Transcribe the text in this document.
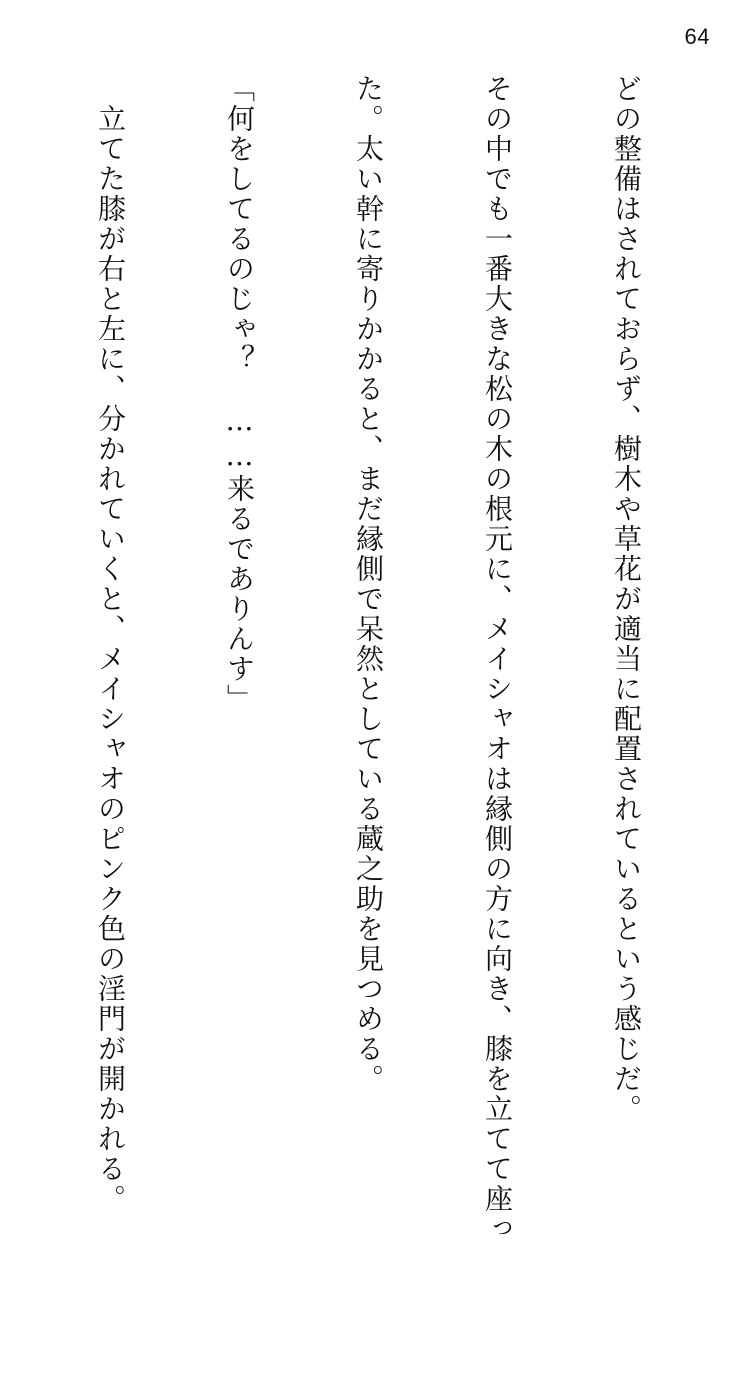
64

どの整備はされておらず、樹木や草花が適当に配置されているという感じだ。

その中でも一番大きな松の木の根元に、メイシャオは縁側の方に向き、膝を立てて座っ

た。太い幹に寄りかかると、まだ縁側で呆然としている蔵之助を見つめる。

「何をしてるのじゃ？　……来るでありんす」

　立てた膝が右と左に、分かれていくと、メイシャオのピンク色の淫門が開かれる。
